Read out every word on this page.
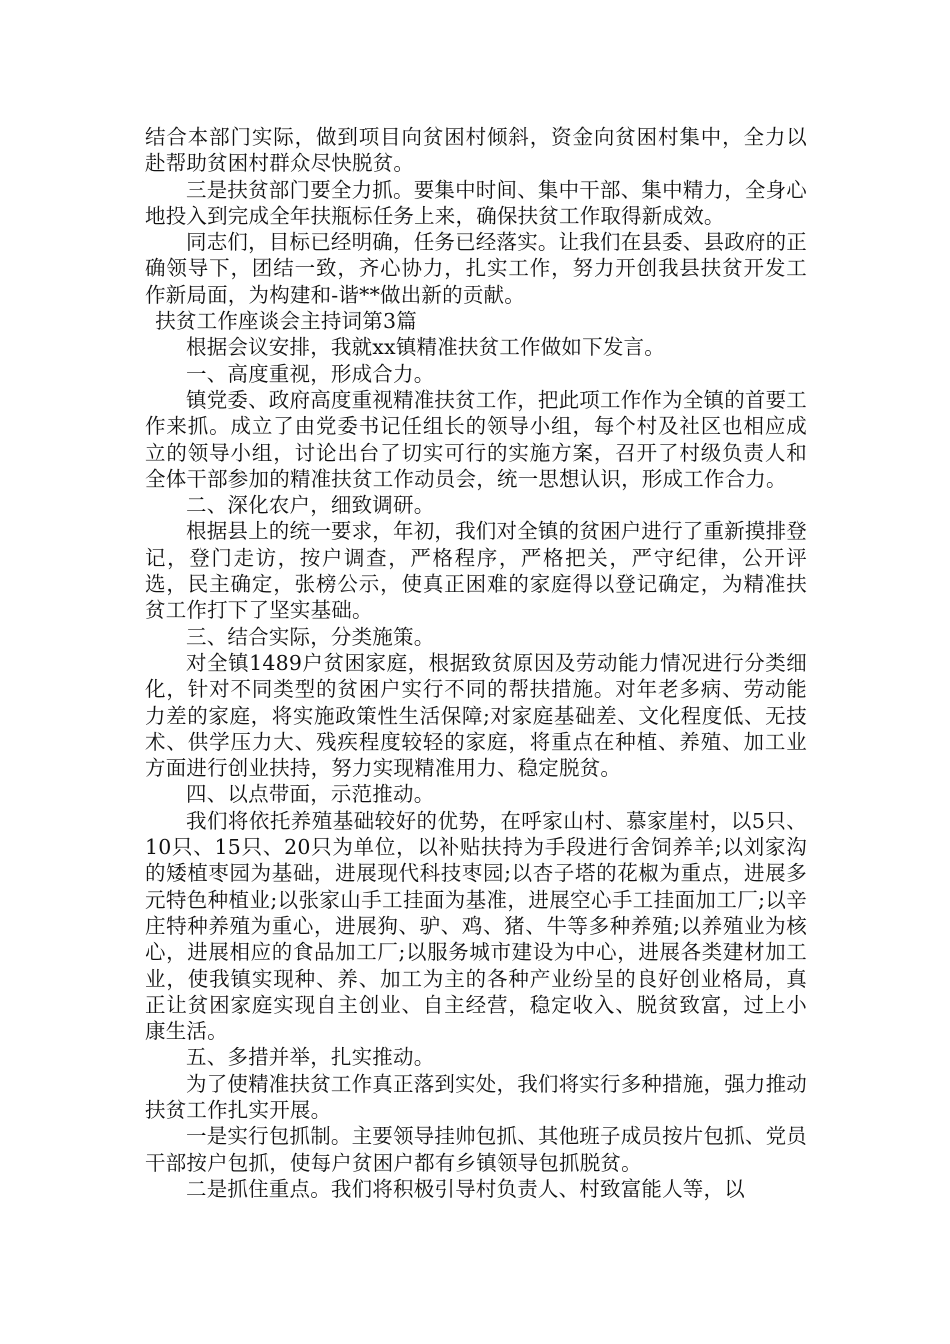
结合本部门实际，做到项目向贫困村倾斜，资金向贫困村集中，全力以赴帮助贫困村群众尽快脱贫。

三是扶贫部门要全力抓。要集中时间、集中干部、集中精力，全身心地投入到完成全年扶瓶标任务上来，确保扶贫工作取得新成效。

同志们，目标已经明确，任务已经落实。让我们在县委、县政府的正确领导下，团结一致，齐心协力，扎实工作，努力开创我县扶贫开发工作新局面，为构建和-谐**做出新的贡献。

扶贫工作座谈会主持词第3篇

根据会议安排，我就xx镇精准扶贫工作做如下发言。

一、高度重视，形成合力。

镇党委、政府高度重视精准扶贫工作，把此项工作作为全镇的首要工作来抓。成立了由党委书记任组长的领导小组，每个村及社区也相应成立的领导小组，讨论出台了切实可行的实施方案，召开了村级负责人和全体干部参加的精准扶贫工作动员会，统一思想认识，形成工作合力。

二、深化农户，细致调研。

根据县上的统一要求，年初，我们对全镇的贫困户进行了重新摸排登记，登门走访，按户调查，严格程序，严格把关，严守纪律，公开评选，民主确定，张榜公示，使真正困难的家庭得以登记确定，为精准扶贫工作打下了坚实基础。

三、结合实际，分类施策。

对全镇1489户贫困家庭，根据致贫原因及劳动能力情况进行分类细化，针对不同类型的贫困户实行不同的帮扶措施。对年老多病、劳动能力差的家庭，将实施政策性生活保障;对家庭基础差、文化程度低、无技术、供学压力大、残疾程度较轻的家庭，将重点在种植、养殖、加工业方面进行创业扶持，努力实现精准用力、稳定脱贫。

四、以点带面，示范推动。

我们将依托养殖基础较好的优势，在呼家山村、慕家崖村，以5只、10只、15只、20只为单位，以补贴扶持为手段进行舍饲养羊;以刘家沟的矮植枣园为基础，进展现代科技枣园;以杏子塔的花椒为重点，进展多元特色种植业;以张家山手工挂面为基准，进展空心手工挂面加工厂;以辛庄特种养殖为重心，进展狗、驴、鸡、猪、牛等多种养殖;以养殖业为核心，进展相应的食品加工厂;以服务城市建设为中心，进展各类建材加工业，使我镇实现种、养、加工为主的各种产业纷呈的良好创业格局，真正让贫困家庭实现自主创业、自主经营，稳定收入、脱贫致富，过上小康生活。

五、多措并举，扎实推动。

为了使精准扶贫工作真正落到实处，我们将实行多种措施，强力推动扶贫工作扎实开展。

一是实行包抓制。主要领导挂帅包抓、其他班子成员按片包抓、党员干部按户包抓，使每户贫困户都有乡镇领导包抓脱贫。

二是抓住重点。我们将积极引导村负责人、村致富能人等，以
